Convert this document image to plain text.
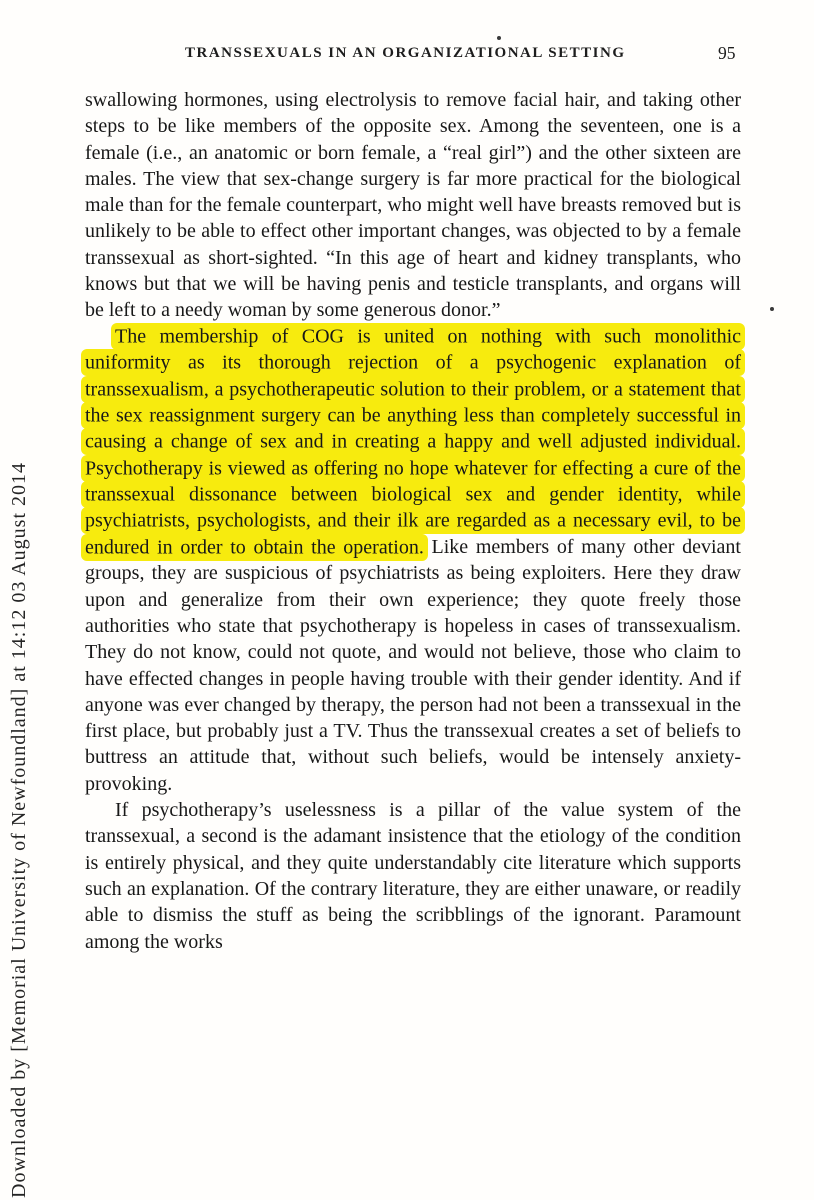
Downloaded by [Memorial University of Newfoundland] at 14:12 03 August 2014
TRANSSEXUALS IN AN ORGANIZATIONAL SETTING	95

swallowing hormones, using electrolysis to remove facial hair, and taking other steps to be like members of the opposite sex. Among the seventeen, one is a female (i.e., an anatomic or born female, a “real girl”) and the other sixteen are males. The view that sex-change surgery is far more practical for the biological male than for the female counterpart, who might well have breasts removed but is unlikely to be able to effect other important changes, was objected to by a female transsexual as short-sighted. “In this age of heart and kidney transplants, who knows but that we will be having penis and testicle transplants, and organs will be left to a needy woman by some generous donor.”

The membership of COG is united on nothing with such monolithic uniformity as its thorough rejection of a psychogenic explanation of transsexualism, a psychotherapeutic solution to their problem, or a statement that the sex reassignment surgery can be anything less than completely successful in causing a change of sex and in creating a happy and well adjusted individual. Psychotherapy is viewed as offering no hope whatever for effecting a cure of the transsexual dissonance between biological sex and gender identity, while psychiatrists, psychologists, and their ilk are regarded as a necessary evil, to be endured in order to obtain the operation. Like members of many other deviant groups, they are suspicious of psychiatrists as being exploiters. Here they draw upon and generalize from their own experience; they quote freely those authorities who state that psychotherapy is hopeless in cases of transsexualism. They do not know, could not quote, and would not believe, those who claim to have effected changes in people having trouble with their gender identity. And if anyone was ever changed by therapy, the person had not been a transsexual in the first place, but probably just a TV. Thus the transsexual creates a set of beliefs to buttress an attitude that, without such beliefs, would be intensely anxiety-provoking.

If psychotherapy’s uselessness is a pillar of the value system of the transsexual, a second is the adamant insistence that the etiology of the condition is entirely physical, and they quite understandably cite literature which supports such an explanation. Of the contrary literature, they are either unaware, or readily able to dismiss the stuff as being the scribblings of the ignorant. Paramount among the works
